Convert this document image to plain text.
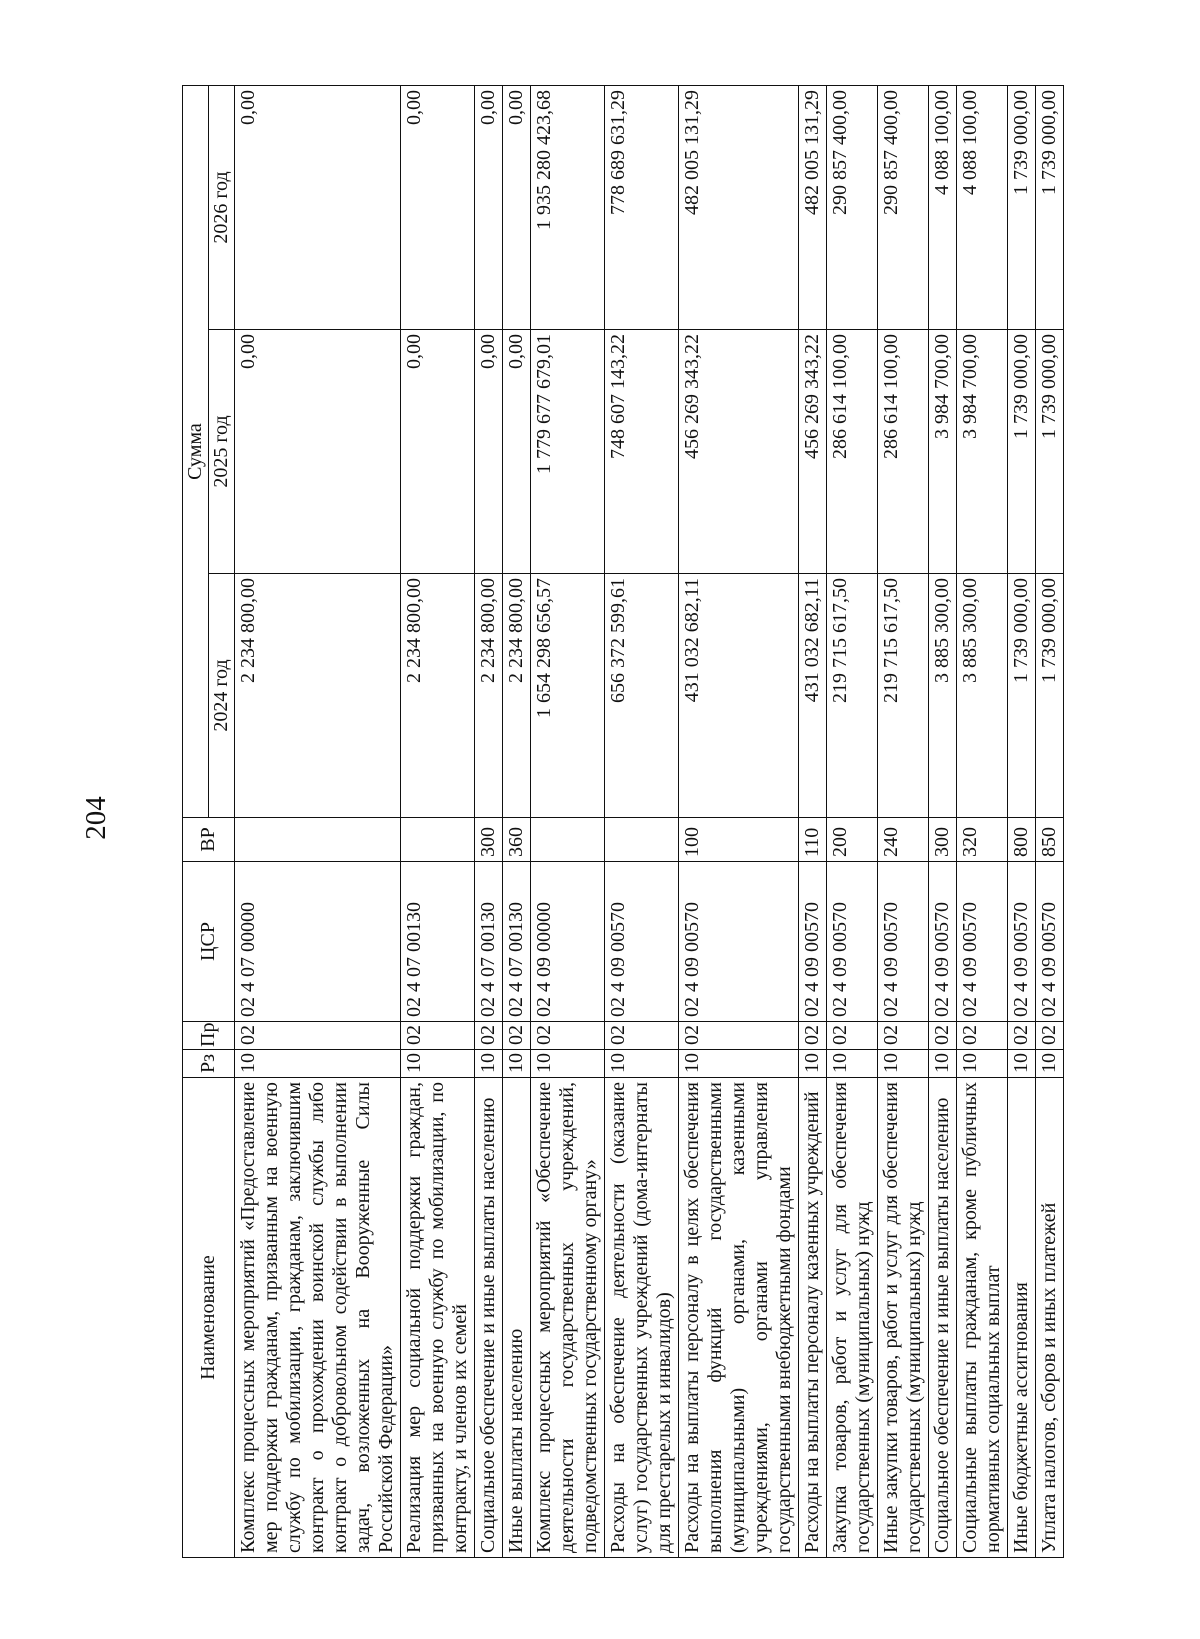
204
Наименование	Рз	Пр	ЦСР	ВР	Сумма		
					2024 год	2025 год	2026 год
Комплекс процессных мероприятий «Предоставление мер поддержки гражданам, призванным на военную службу по мобилизации, гражданам, заключившим контракт о прохождении воинской службы либо контракт о добровольном содействии в выполнении задач, возложенных на Вооруженные Силы Российской Федерации»	10	02	02 4 07 00000		2 234 800,00	0,00	0,00
Реализация мер социальной поддержки граждан, призванных на военную службу по мобилизации, по контракту, и членов их семей	10	02	02 4 07 00130		2 234 800,00	0,00	0,00
Социальное обеспечение и иные выплаты населению	10	02	02 4 07 00130	300	2 234 800,00	0,00	0,00
Иные выплаты населению	10	02	02 4 07 00130	360	2 234 800,00	0,00	0,00
Комплекс процессных мероприятий «Обеспечение деятельности государственных учреждений, подведомственных государственному органу»	10	02	02 4 09 00000		1 654 298 656,57	1 779 677 679,01	1 935 280 423,68
Расходы на обеспечение деятельности (оказание услуг) государственных учреждений (дома-интернаты для престарелых и инвалидов)	10	02	02 4 09 00570		656 372 599,61	748 607 143,22	778 689 631,29
Расходы на выплаты персоналу в целях обеспечения выполнения функций государственными (муниципальными) органами, казенными учреждениями, органами управления государственными внебюджетными фондами	10	02	02 4 09 00570	100	431 032 682,11	456 269 343,22	482 005 131,29
Расходы на выплаты персоналу казенных учреждений	10	02	02 4 09 00570	110	431 032 682,11	456 269 343,22	482 005 131,29
Закупка товаров, работ и услуг для обеспечения государственных (муниципальных) нужд	10	02	02 4 09 00570	200	219 715 617,50	286 614 100,00	290 857 400,00
Иные закупки товаров, работ и услуг для обеспечения государственных (муниципальных) нужд	10	02	02 4 09 00570	240	219 715 617,50	286 614 100,00	290 857 400,00
Социальное обеспечение и иные выплаты населению	10	02	02 4 09 00570	300	3 885 300,00	3 984 700,00	4 088 100,00
Социальные выплаты гражданам, кроме публичных нормативных социальных выплат	10	02	02 4 09 00570	320	3 885 300,00	3 984 700,00	4 088 100,00
Иные бюджетные ассигнования	10	02	02 4 09 00570	800	1 739 000,00	1 739 000,00	1 739 000,00
Уплата налогов, сборов и иных платежей	10	02	02 4 09 00570	850	1 739 000,00	1 739 000,00	1 739 000,00
